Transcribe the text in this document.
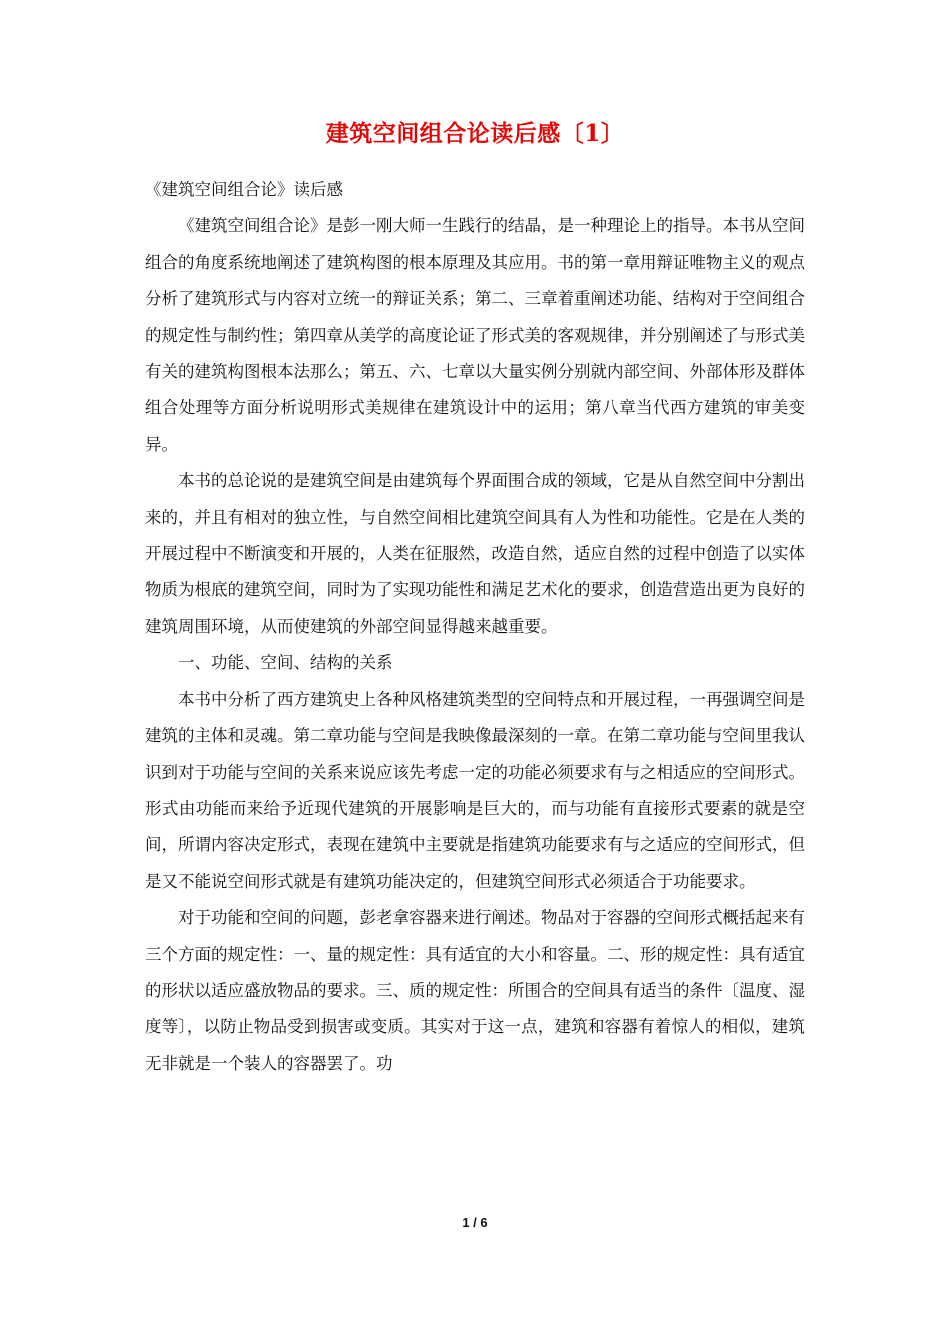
建筑空间组合论读后感〔1〕

《建筑空间组合论》读后感

《建筑空间组合论》是彭一刚大师一生践行的结晶，是一种理论上的指导。本书从空间组合的角度系统地阐述了建筑构图的根本原理及其应用。书的第一章用辩证唯物主义的观点分析了建筑形式与内容对立统一的辩证关系；第二、三章着重阐述功能、结构对于空间组合的规定性与制约性；第四章从美学的高度论证了形式美的客观规律，并分别阐述了与形式美有关的建筑构图根本法那么；第五、六、七章以大量实例分别就内部空间、外部体形及群体组合处理等方面分析说明形式美规律在建筑设计中的运用；第八章当代西方建筑的审美变异。

本书的总论说的是建筑空间是由建筑每个界面围合成的领域，它是从自然空间中分割出来的，并且有相对的独立性，与自然空间相比建筑空间具有人为性和功能性。它是在人类的开展过程中不断演变和开展的，人类在征服然，改造自然，适应自然的过程中创造了以实体物质为根底的建筑空间，同时为了实现功能性和满足艺术化的要求，创造营造出更为良好的建筑周围环境，从而使建筑的外部空间显得越来越重要。

一、功能、空间、结构的关系

本书中分析了西方建筑史上各种风格建筑类型的空间特点和开展过程，一再强调空间是建筑的主体和灵魂。第二章功能与空间是我映像最深刻的一章。在第二章功能与空间里我认识到对于功能与空间的关系来说应该先考虑一定的功能必须要求有与之相适应的空间形式。形式由功能而来给予近现代建筑的开展影响是巨大的，而与功能有直接形式要素的就是空间，所谓内容决定形式，表现在建筑中主要就是指建筑功能要求有与之适应的空间形式，但是又不能说空间形式就是有建筑功能决定的，但建筑空间形式必须适合于功能要求。

对于功能和空间的问题，彭老拿容器来进行阐述。物品对于容器的空间形式概括起来有三个方面的规定性：一、量的规定性：具有适宜的大小和容量。二、形的规定性：具有适宜的形状以适应盛放物品的要求。三、质的规定性：所围合的空间具有适当的条件〔温度、湿度等〕，以防止物品受到损害或变质。其实对于这一点，建筑和容器有着惊人的相似，建筑无非就是一个装人的容器罢了。功

1 / 6
